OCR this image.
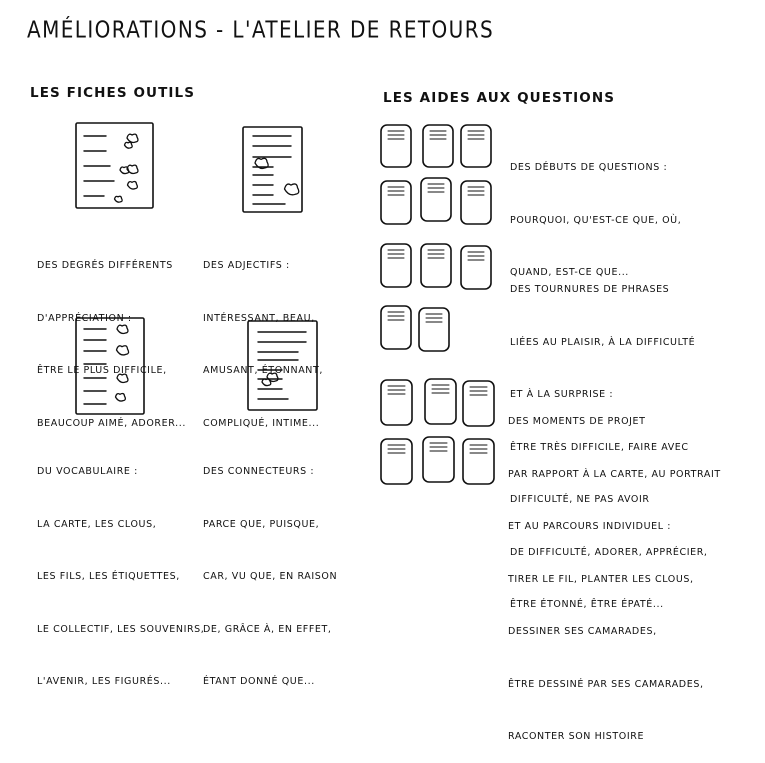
AMÉLIORATIONS - L'ATELIER DE RETOURS
LES FICHES OUTILS	LES AIDES AUX QUESTIONS

DES DEGRÉS DIFFÉRENTS

D'APPRÉCIATION :

ÊTRE LE PLUS DIFFICILE,

BEAUCOUP AIMÉ, ADORER...

DES ADJECTIFS :

INTÉRESSANT, BEAU,

AMUSANT, ÉTONNANT,

COMPLIQUÉ, INTIME...

DU VOCABULAIRE :

LA CARTE, LES CLOUS,

LES FILS, LES ÉTIQUETTES,

LE COLLECTIF, LES SOUVENIRS,

L'AVENIR, LES FIGURÉS...

DES CONNECTEURS :

PARCE QUE, PUISQUE,

CAR, VU QUE, EN RAISON

DE, GRÂCE À, EN EFFET,

ÉTANT DONNÉ QUE...

DES DÉBUTS DE QUESTIONS :

POURQUOI, QU'EST-CE QUE, OÙ,

QUAND, EST-CE QUE...

DES TOURNURES DE PHRASES

LIÉES AU PLAISIR, À LA DIFFICULTÉ

ET À LA SURPRISE :

ÊTRE TRÈS DIFFICILE, FAIRE AVEC

DIFFICULTÉ, NE PAS AVOIR

DE DIFFICULTÉ, ADORER, APPRÉCIER,

ÊTRE ÉTONNÉ, ÊTRE ÉPATÉ...

DES MOMENTS DE PROJET

PAR RAPPORT À LA CARTE, AU PORTRAIT

ET AU PARCOURS INDIVIDUEL :

TIRER LE FIL, PLANTER LES CLOUS,

DESSINER SES CAMARADES,

ÊTRE DESSINÉ PAR SES CAMARADES,

RACONTER SON HISTOIRE
